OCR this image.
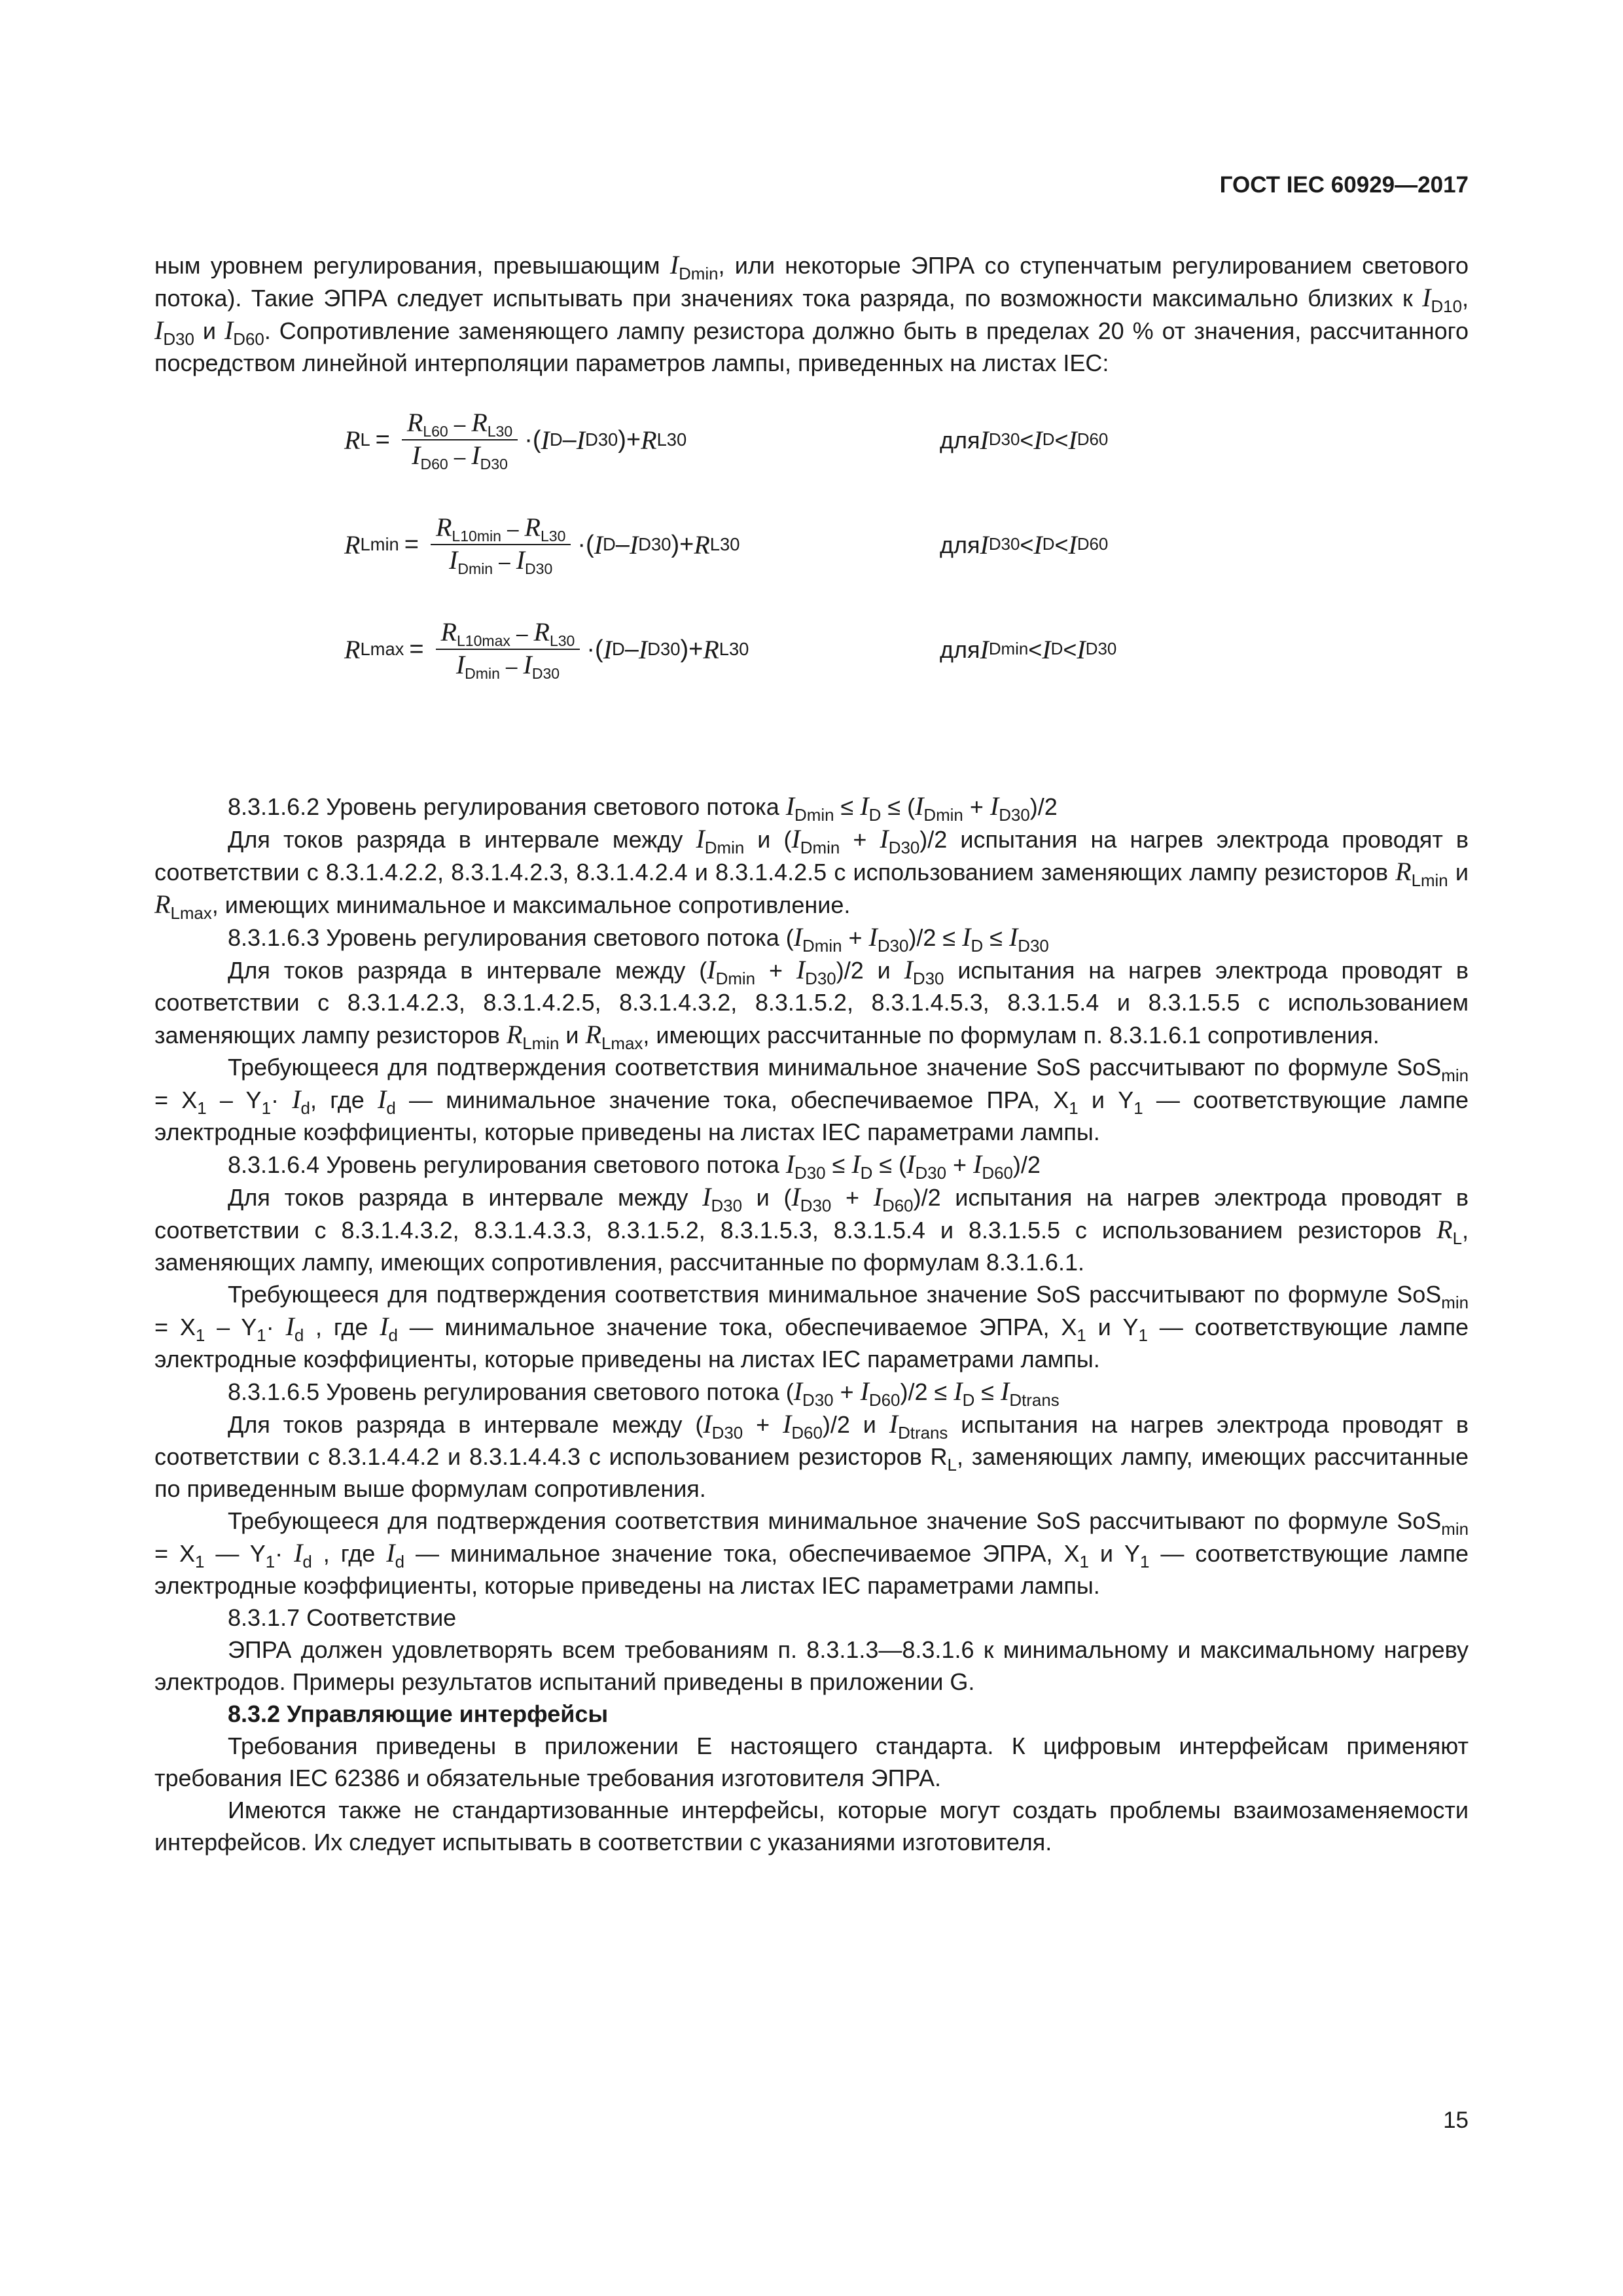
ГОСТ IEC 60929—2017

ным уровнем регулирования, превышающим $I_{Dmin}$, или некоторые ЭПРА со ступенчатым регулированием светового потока). Такие ЭПРА следует испытывать при значениях тока разряда, по возможности максимально близких к $I_{D10}$, $I_{D30}$ и $I_{D60}$. Сопротивление заменяющего лампу резистора должно быть в пределах 20 % от значения, рассчитанного посредством линейной интерполяции параметров лампы, приведенных на листах IEC:

R $L = \frac{R_{L60} - R_{L30}}{I_{D60} - I_{D30}}$ ·( I D – I D30 )+ R L30	для I D30 < I D < I D60
R $Lmin = \frac{R_{L10min} - R_{L30}}{I_{Dmin} - I_{D30}}$ ·( I D – I D30 )+ R L30	для I D30 < I D < I D60
R $Lmax = \frac{R_{L10max} - R_{L30}}{I_{Dmin} - I_{D30}}$ ·( I D – I D30 )+ R L30	для I Dmin < I D < I D30

8.3.1.6.2 Уровень регулирования светового потока $I_{Dmin} \le I_D \le (I_{Dmin} + I_{D30})/2$

Для токов разряда в интервале между $I_{Dmin}$ и $(I_{Dmin} + I_{D30})/2$ испытания на нагрев электрода проводят в соответствии с 8.3.1.4.2.2, 8.3.1.4.2.3, 8.3.1.4.2.4 и 8.3.1.4.2.5 с использованием заменяющих лампу резисторов $R_{Lmin}$ и $R_{Lmax}$, имеющих минимальное и максимальное сопротивление.

8.3.1.6.3 Уровень регулирования светового потока $(I_{Dmin} + I_{D30})/2 \le I_D \le I_{D30}$

Для токов разряда в интервале между $(I_{Dmin} + I_{D30})/2$ и $I_{D30}$ испытания на нагрев электрода проводят в соответствии с 8.3.1.4.2.3, 8.3.1.4.2.5, 8.3.1.4.3.2, 8.3.1.5.2, 8.3.1.4.5.3, 8.3.1.5.4 и 8.3.1.5.5 с использованием заменяющих лампу резисторов $R_{Lmin}$ и $R_{Lmax}$, имеющих рассчитанные по формулам п. 8.3.1.6.1 сопротивления.

Требующееся для подтверждения соответствия минимальное значение SoS рассчитывают по формуле $SoS_{min} = X_1 - Y_1\cdot I_d$, где $I_d$ — минимальное значение тока, обеспечиваемое ПРА, $X_1$ и $Y_1$ — соответствующие лампе электродные коэффициенты, которые приведены на листах IEC параметрами лампы.

8.3.1.6.4 Уровень регулирования светового потока $I_{D30} \le I_D \le (I_{D30} + I_{D60})/2$

Для токов разряда в интервале между $I_{D30}$ и $(I_{D30} + I_{D60})/2$ испытания на нагрев электрода проводят в соответствии с 8.3.1.4.3.2, 8.3.1.4.3.3, 8.3.1.5.2, 8.3.1.5.3, 8.3.1.5.4 и 8.3.1.5.5 с использованием резисторов $R_L$, заменяющих лампу, имеющих сопротивления, рассчитанные по формулам 8.3.1.6.1.

Требующееся для подтверждения соответствия минимальное значение SoS рассчитывают по формуле $SoS_{min} = X_1 - Y_1\cdot I_d$ , где $I_d$ — минимальное значение тока, обеспечиваемое ЭПРА, $X_1$ и $Y_1$ — соответствующие лампе электродные коэффициенты, которые приведены на листах IEC параметрами лампы.

8.3.1.6.5 Уровень регулирования светового потока $(I_{D30} + I_{D60})/2 \le I_D \le I_{Dtrans}$

Для токов разряда в интервале между $(I_{D30} + I_{D60})/2$ и $I_{Dtrans}$ испытания на нагрев электрода проводят в соответствии с 8.3.1.4.4.2 и 8.3.1.4.4.3 с использованием резисторов $R_L$, заменяющих лампу, имеющих рассчитанные по приведенным выше формулам сопротивления.

Требующееся для подтверждения соответствия минимальное значение SoS рассчитывают по формуле $SoS_{min} = X_1$ — $Y_1\cdot I_d$ , где $I_d$ — минимальное значение тока, обеспечиваемое ЭПРА, $X_1$ и $Y_1$ — соответствующие лампе электродные коэффициенты, которые приведены на листах IEC параметрами лампы.

8.3.1.7 Соответствие

ЭПРА должен удовлетворять всем требованиям п. 8.3.1.3—8.3.1.6 к минимальному и максимальному нагреву электродов. Примеры результатов испытаний приведены в приложении G.

8.3.2 Управляющие интерфейсы

Требования приведены в приложении E настоящего стандарта. К цифровым интерфейсам применяют требования IEC 62386 и обязательные требования изготовителя ЭПРА.

Имеются также не стандартизованные интерфейсы, которые могут создать проблемы взаимозаменяемости интерфейсов. Их следует испытывать в соответствии с указаниями изготовителя.

15
